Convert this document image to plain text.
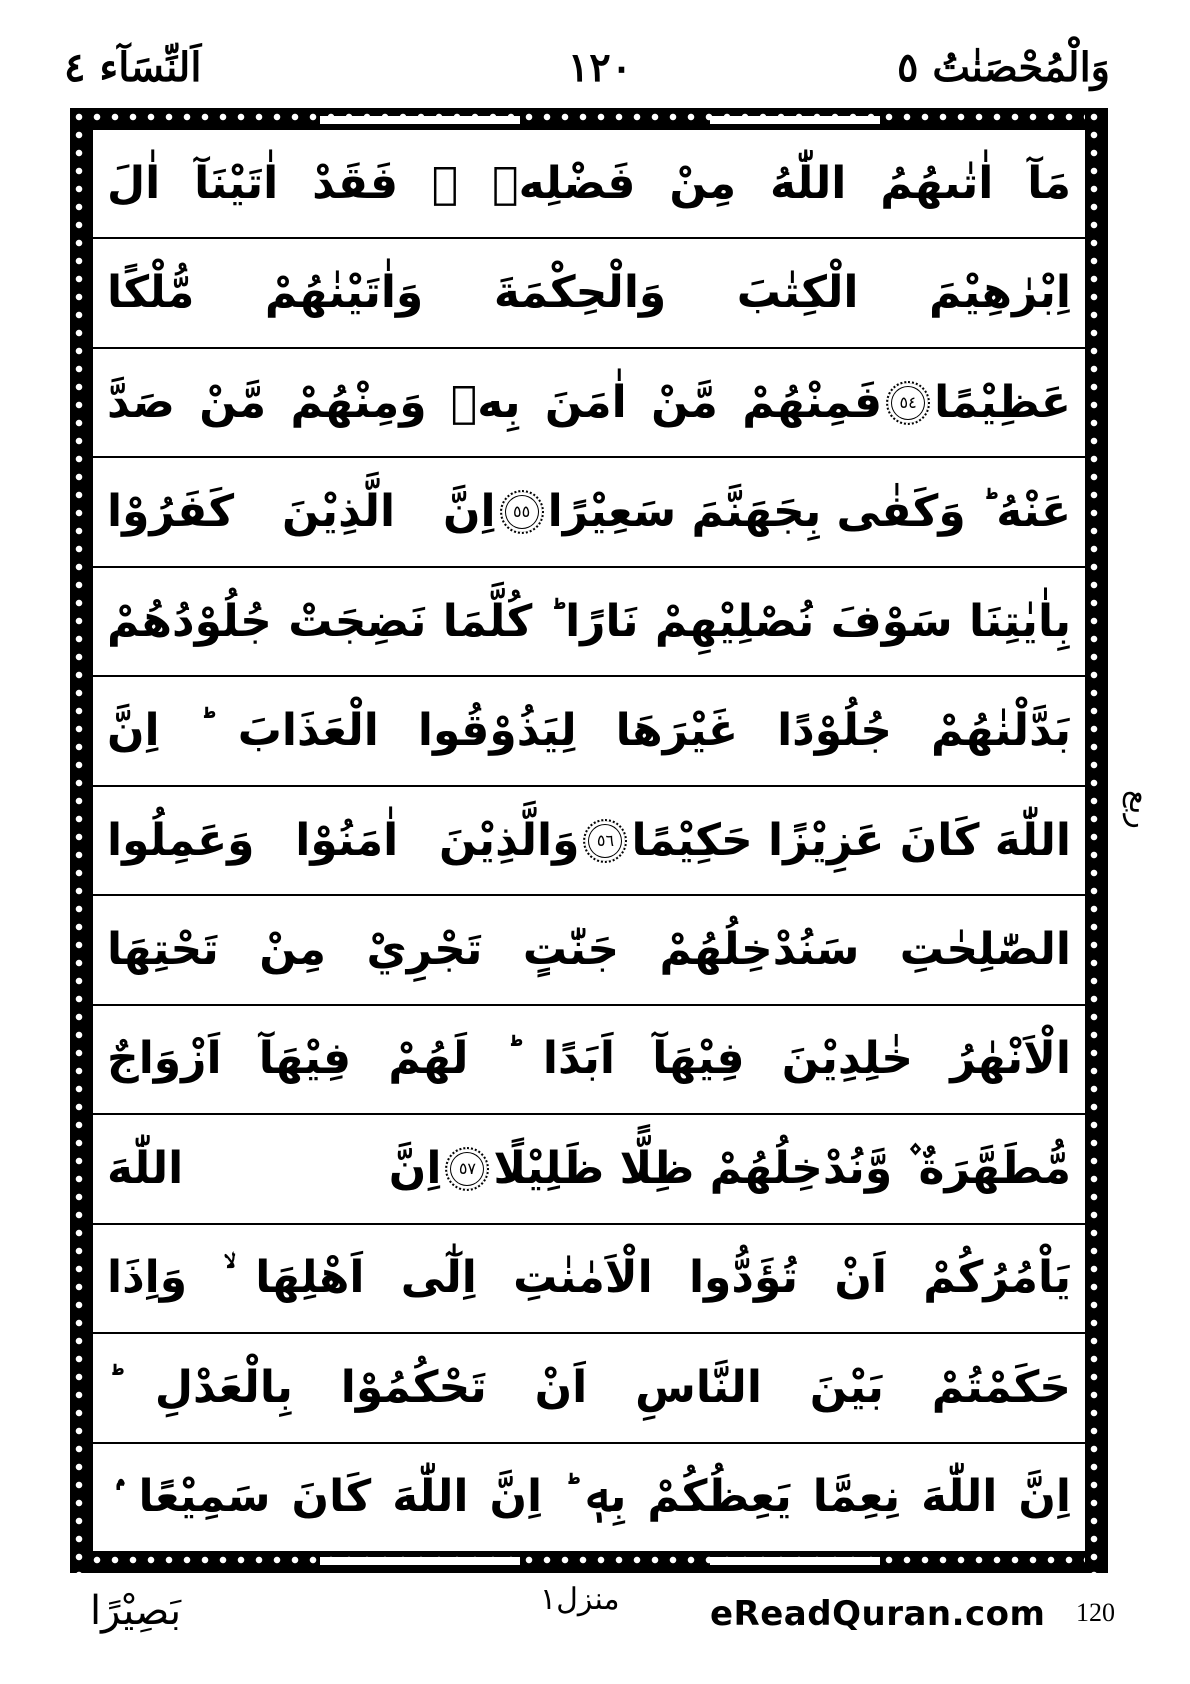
اَلنِّسَآء ٤	١٢٠	وَالْمُحْصَنٰتُ ٥
مَآ اٰتٰىهُمُ اللّٰهُ مِنْ فَضْلِهٖ ۚ فَقَدْ اٰتَيْنَآ اٰلَ
اِبْرٰهِيْمَ الْكِتٰبَ وَالْحِكْمَةَ وَاٰتَيْنٰهُمْ مُّلْكًا
عَظِيْمًا
٥٤
فَمِنْهُمْ مَّنْ اٰمَنَ بِهٖ وَمِنْهُمْ مَّنْ صَدَّ
عَنْهُ ؕ وَكَفٰى بِجَهَنَّمَ سَعِيْرًا
٥٥
اِنَّ الَّذِيْنَ كَفَرُوْا
بِاٰيٰتِنَا سَوْفَ نُصْلِيْهِمْ نَارًا ؕ كُلَّمَا نَضِجَتْ جُلُوْدُهُمْ
بَدَّلْنٰهُمْ جُلُوْدًا غَيْرَهَا لِيَذُوْقُوا الْعَذَابَ ؕ اِنَّ
اللّٰهَ كَانَ عَزِيْزًا حَكِيْمًا
٥٦
وَالَّذِيْنَ اٰمَنُوْا وَعَمِلُوا
الصّٰلِحٰتِ سَنُدْخِلُهُمْ جَنّٰتٍ تَجْرِيْ مِنْ تَحْتِهَا
الْاَنْهٰرُ خٰلِدِيْنَ فِيْهَآ اَبَدًا ؕ لَهُمْ فِيْهَآ اَزْوَاجٌ
مُّطَهَّرَةٌ ۫ وَّنُدْخِلُهُمْ ظِلًّا ظَلِيْلًا
٥٧
اِنَّ اللّٰهَ
يَاْمُرُكُمْ اَنْ تُؤَدُّوا الْاَمٰنٰتِ اِلٰٓى اَهْلِهَا ۙ وَاِذَا
حَكَمْتُمْ بَيْنَ النَّاسِ اَنْ تَحْكُمُوْا بِالْعَدْلِ ؕ
اِنَّ اللّٰهَ نِعِمَّا يَعِظُكُمْ بِهٖ ؕ اِنَّ اللّٰهَ كَانَ سَمِيْعًا ۢ
ربع
بَصِيْرًا	منزل١	eReadQuran.com 120
